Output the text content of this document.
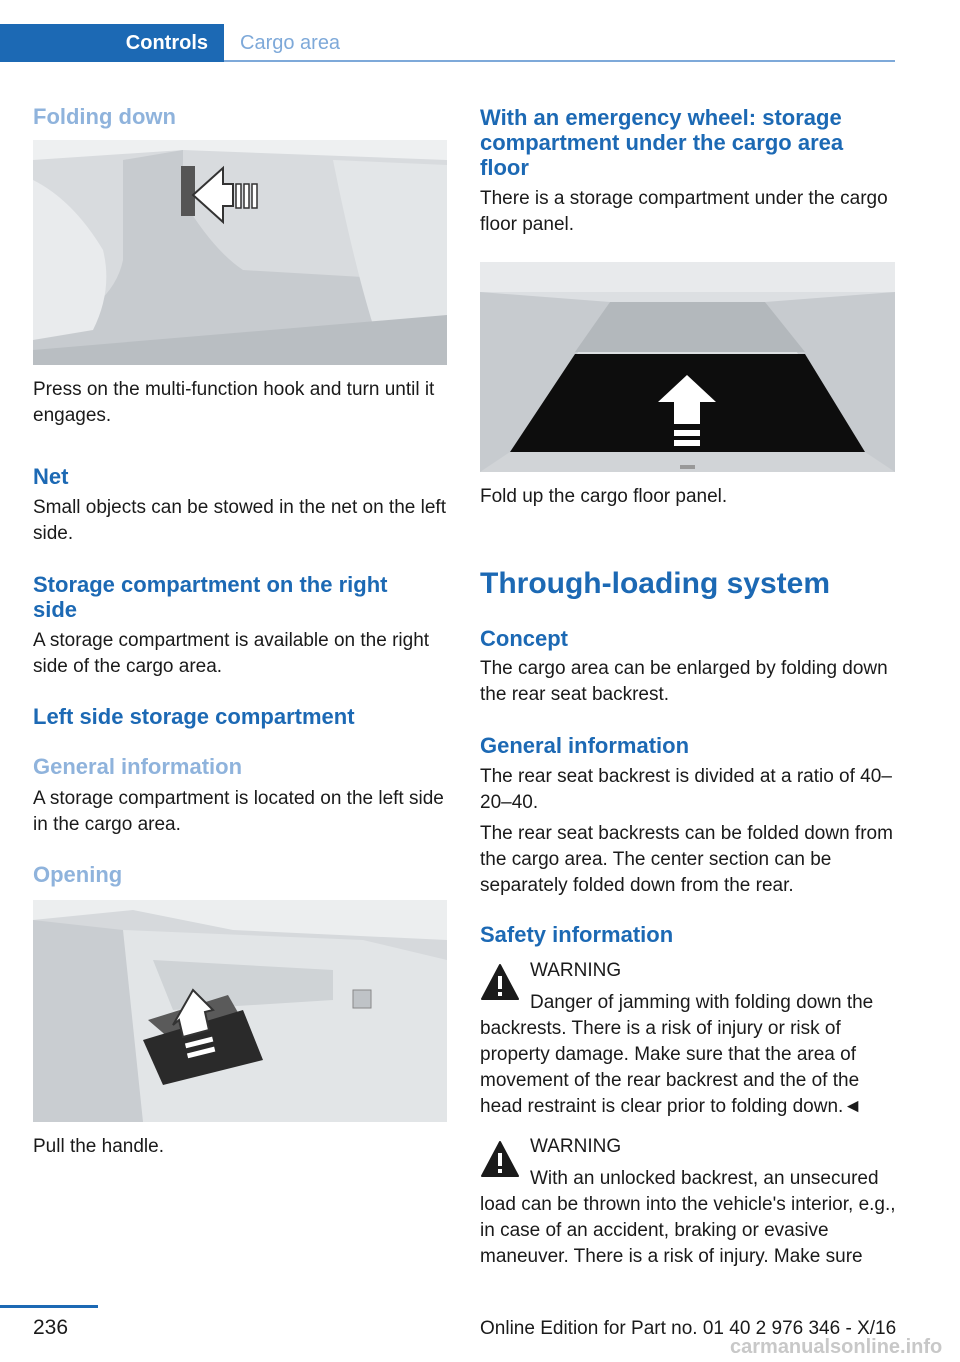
Controls Cargo area
Folding down
Press on the multi-function hook and turn until it engages.
Net
Small objects can be stowed in the net on the left side.
Storage compartment on the right side
A storage compartment is available on the right side of the cargo area.
Left side storage compartment
General information
A storage compartment is located on the left side in the cargo area.
Opening
Pull the handle.
With an emergency wheel: storage compartment under the cargo area floor
There is a storage compartment under the cargo floor panel.
Fold up the cargo floor panel.
Through-loading system
Concept
The cargo area can be enlarged by folding down the rear seat backrest.
General information
The rear seat backrest is divided at a ratio of 40–20–40.
The rear seat backrests can be folded down from the cargo area. The center section can be separately folded down from the rear.
Safety information
WARNING
Danger of jamming with folding down the backrests. There is a risk of injury or risk of property damage. Make sure that the area of movement of the rear backrest and the of the head restraint is clear prior to folding down.◄
WARNING
With an unlocked backrest, an unsecured load can be thrown into the vehicle's interior, e.g., in case of an accident, braking or evasive maneuver. There is a risk of injury. Make sure
236	Online Edition for Part no. 01 40 2 976 346 - X/16
carmanualsonline.info
